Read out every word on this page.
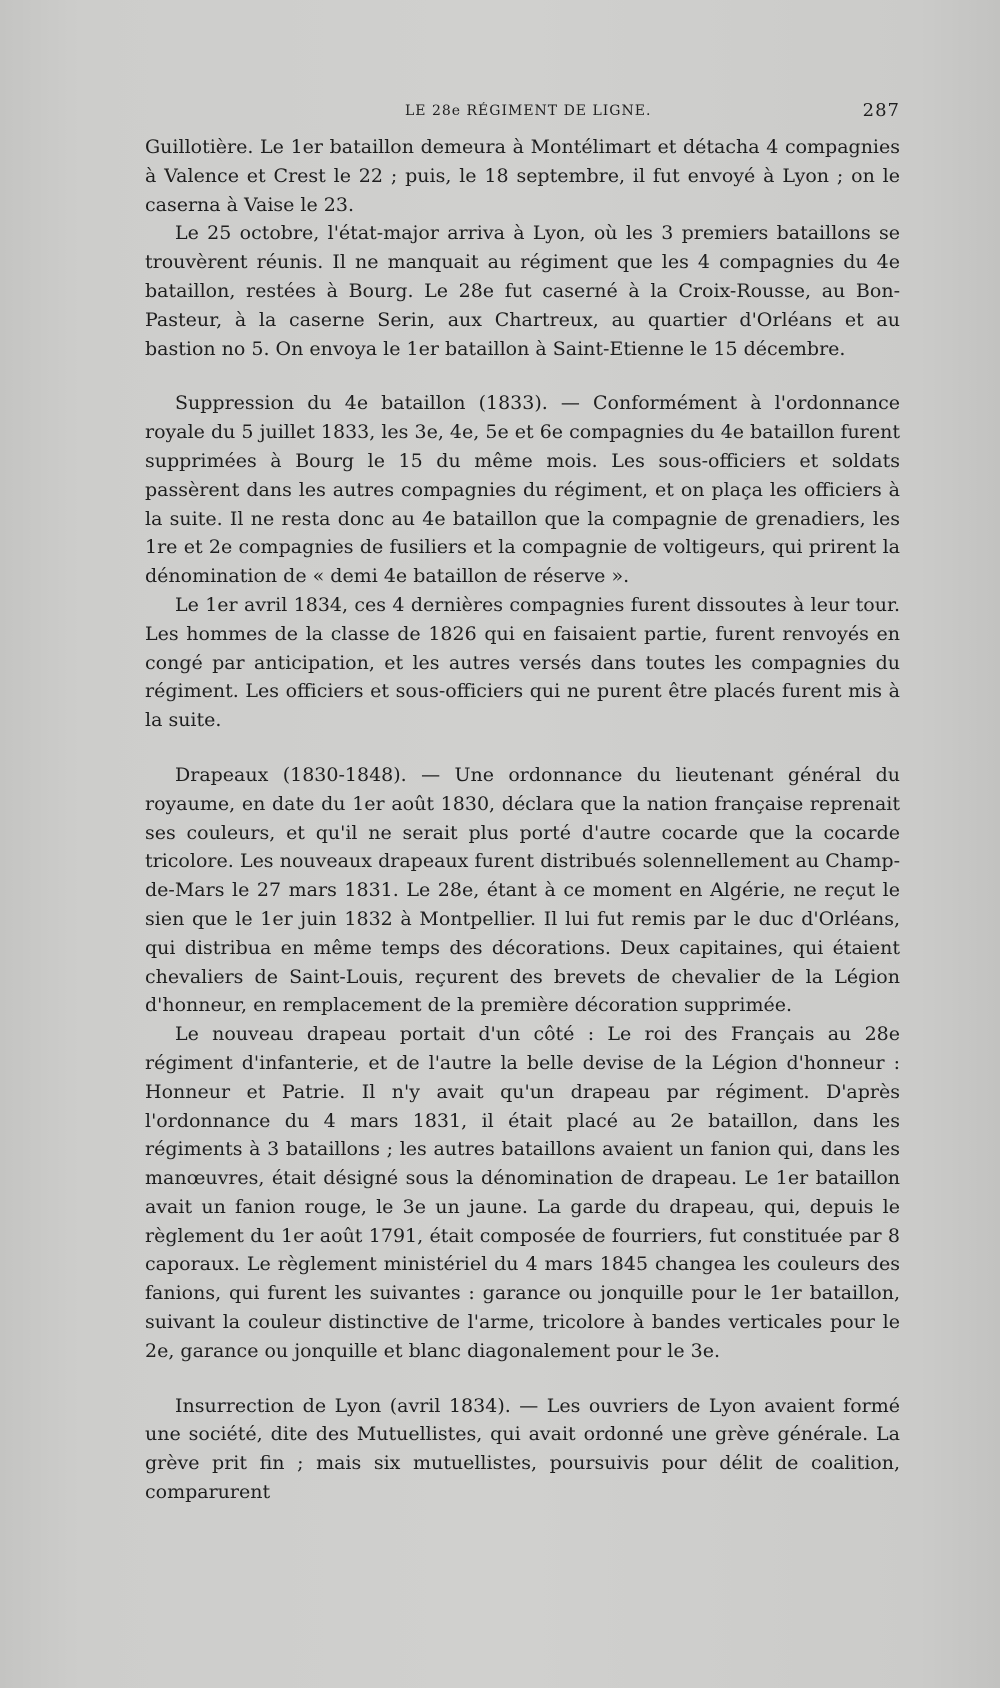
LE 28e RÉGIMENT DE LIGNE.	287

Guillotière. Le 1er bataillon demeura à Montélimart et détacha 4 compagnies à Valence et Crest le 22 ; puis, le 18 septembre, il fut envoyé à Lyon ; on le caserna à Vaise le 23.

Le 25 octobre, l'état-major arriva à Lyon, où les 3 premiers bataillons se trouvèrent réunis. Il ne manquait au régiment que les 4 compagnies du 4e bataillon, restées à Bourg. Le 28e fut caserné à la Croix-Rousse, au Bon-Pasteur, à la caserne Serin, aux Chartreux, au quartier d'Orléans et au bastion no 5. On envoya le 1er bataillon à Saint-Etienne le 15 décembre.

Suppression du 4e bataillon (1833). — Conformément à l'ordonnance royale du 5 juillet 1833, les 3e, 4e, 5e et 6e compagnies du 4e bataillon furent supprimées à Bourg le 15 du même mois. Les sous-officiers et soldats passèrent dans les autres compagnies du régiment, et on plaça les officiers à la suite. Il ne resta donc au 4e bataillon que la compagnie de grenadiers, les 1re et 2e compagnies de fusiliers et la compagnie de voltigeurs, qui prirent la dénomination de « demi 4e bataillon de réserve ».

Le 1er avril 1834, ces 4 dernières compagnies furent dissoutes à leur tour. Les hommes de la classe de 1826 qui en faisaient partie, furent renvoyés en congé par anticipation, et les autres versés dans toutes les compagnies du régiment. Les officiers et sous-officiers qui ne purent être placés furent mis à la suite.

Drapeaux (1830-1848). — Une ordonnance du lieutenant général du royaume, en date du 1er août 1830, déclara que la nation française reprenait ses couleurs, et qu'il ne serait plus porté d'autre cocarde que la cocarde tricolore. Les nouveaux drapeaux furent distribués solennellement au Champ-de-Mars le 27 mars 1831. Le 28e, étant à ce moment en Algérie, ne reçut le sien que le 1er juin 1832 à Montpellier. Il lui fut remis par le duc d'Orléans, qui distribua en même temps des décorations. Deux capitaines, qui étaient chevaliers de Saint-Louis, reçurent des brevets de chevalier de la Légion d'honneur, en remplacement de la première décoration supprimée.

Le nouveau drapeau portait d'un côté : Le roi des Français au 28e régiment d'infanterie, et de l'autre la belle devise de la Légion d'honneur : Honneur et Patrie. Il n'y avait qu'un drapeau par régiment. D'après l'ordonnance du 4 mars 1831, il était placé au 2e bataillon, dans les régiments à 3 bataillons ; les autres bataillons avaient un fanion qui, dans les manœuvres, était désigné sous la dénomination de drapeau. Le 1er bataillon avait un fanion rouge, le 3e un jaune. La garde du drapeau, qui, depuis le règlement du 1er août 1791, était composée de fourriers, fut constituée par 8 caporaux. Le règlement ministériel du 4 mars 1845 changea les couleurs des fanions, qui furent les suivantes : garance ou jonquille pour le 1er bataillon, suivant la couleur distinctive de l'arme, tricolore à bandes verticales pour le 2e, garance ou jonquille et blanc diagonalement pour le 3e.

Insurrection de Lyon (avril 1834). — Les ouvriers de Lyon avaient formé une société, dite des Mutuellistes, qui avait ordonné une grève générale. La grève prit fin ; mais six mutuellistes, poursuivis pour délit de coalition, comparurent
